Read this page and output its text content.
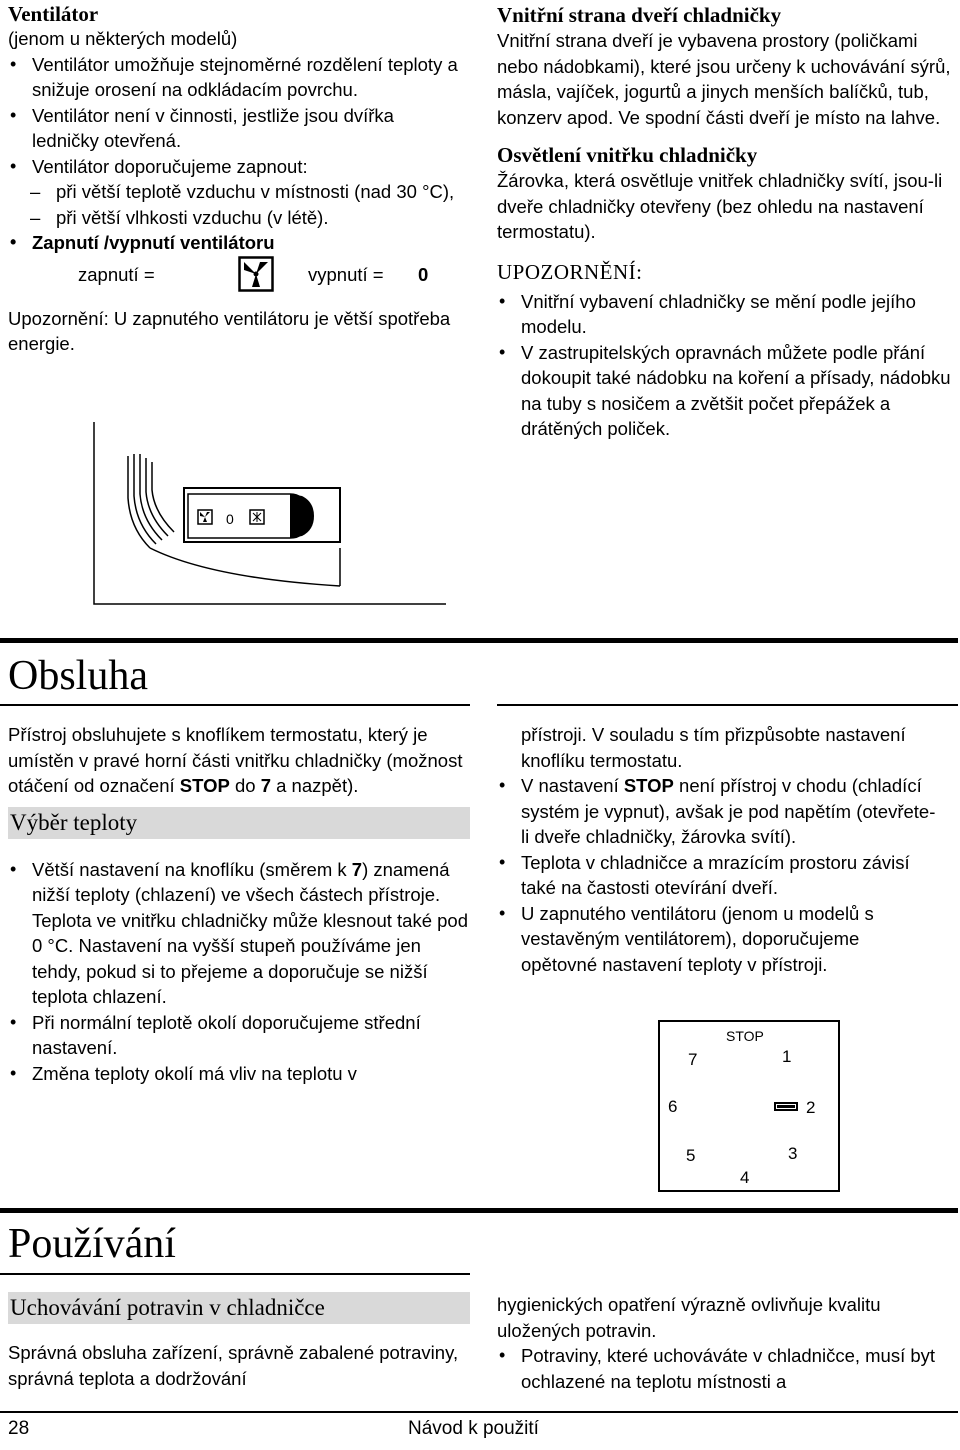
Ventilátor

(jenom u některých modelů)

• Ventilátor umožňuje stejnoměrné rozdělení teploty a snižuje orosení na odkládacím povrchu.
• Ventilátor není v činnosti, jestliže jsou dvířka ledničky otevřená.
• Ventilátor doporučujeme zapnout:
– při větší teplotě vzduchu v místnosti (nad 30 °C),
– při větší vlhkosti vzduchu (v létě).
• Zapnutí /vypnutí ventilátoru
zapnutí =	vypnutí = 0

Upozornění: U zapnutého ventilátoru je větší spotřeba energie.

0
Vnitřní strana dveří chladničky

Vnitřní strana dveří je vybavena prostory (poličkami nebo nádobkami), které jsou určeny k uchovávání sýrů, másla, vajíček, jogurtů a jinych menších balíčků, tub, konzerv apod. Ve spodní části dveří je místo na lahve.

Osvětlení vnitřku chladničky

Žárovka, která osvětluje vnitřek chladničky svítí, jsou-li dveře chladničky otevřeny (bez ohledu na nastavení termostatu).

UPOZORNĚNÍ:
• Vnitřní vybavení chladničky se mění podle jejího modelu.
• V zastrupitelských opravnách můžete podle přání dokoupit také nádobku na koření a přísady, nádobku na tuby s nosičem a zvětšit počet přepážek a drátěných poliček.
Obsluha

Přístroj obsluhujete s knoflíkem termostatu, který je umístěn v pravé horní části vnitřku chladničky (možnost otáčení od označení STOP do 7 a nazpět).

Výběr teploty
• Větší nastavení na knoflíku (směrem k 7) znamená nižší teploty (chlazení) ve všech částech přístroje. Teplota ve vnitřku chladničky může klesnout také pod 0 °C. Nastavení na vyšší stupeň používáme jen tehdy, pokud si to přejeme a doporučuje se nižší teplota chlazení.
• Při normální teplotě okolí doporučujeme střední nastavení.
• Změna teploty okolí má vliv na teplotu v

přístroji. V souladu s tím přizpůsobte nastavení knoflíku termostatu.

• V nastavení STOP není přístroj v chodu (chladící systém je vypnut), avšak je pod napětím (otevřete-li dveře chladničky, žárovka svítí).
• Teplota v chladničce a mrazícím prostoru závisí také na častosti otevírání dveří.
• U zapnutého ventilátoru (jenom u modelů s vestavěným ventilátorem), doporučujeme opětovné nastavení teploty v přístroji.
STOP
1
2
3
4
5
6
7
Používání
Uchovávání potravin v chladničce

Správná obsluha zařízení, správně zabalené potraviny, správná teplota a dodržování

hygienických opatření výrazně ovlivňuje kvalitu uložených potravin.

• Potraviny, které uchováváte v chladničce, musí byt ochlazené na teplotu místnosti a
28	Návod k použití
